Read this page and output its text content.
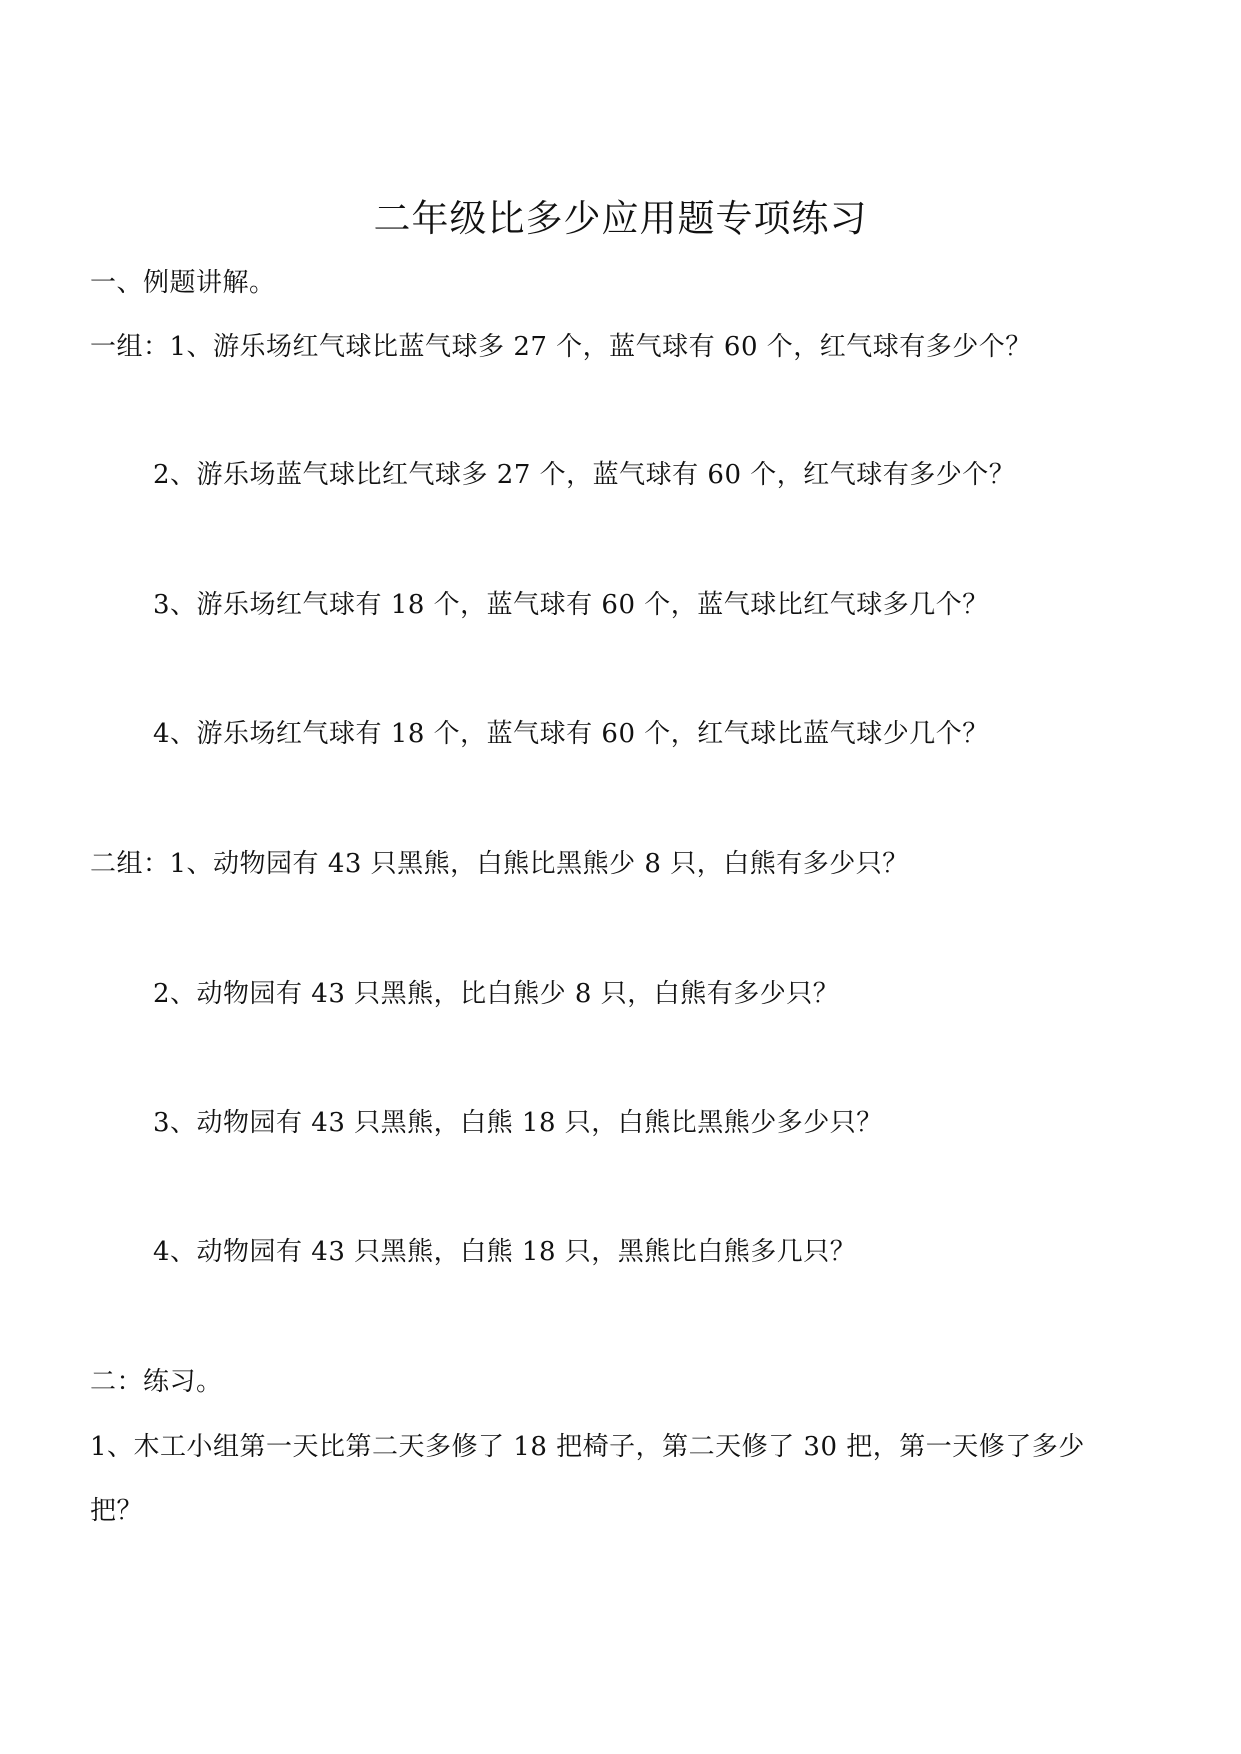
二年级比多少应用题专项练习
一、例题讲解。
一组：1、游乐场红气球比蓝气球多 27 个，蓝气球有 60 个，红气球有多少个？
2、游乐场蓝气球比红气球多 27 个，蓝气球有 60 个，红气球有多少个？
3、游乐场红气球有 18 个，蓝气球有 60 个，蓝气球比红气球多几个？
4、游乐场红气球有 18 个，蓝气球有 60 个，红气球比蓝气球少几个？
二组：1、动物园有 43 只黑熊，白熊比黑熊少 8 只，白熊有多少只？
2、动物园有 43 只黑熊，比白熊少 8 只，白熊有多少只？
3、动物园有 43 只黑熊，白熊 18 只，白熊比黑熊少多少只？
4、动物园有 43 只黑熊，白熊 18 只，黑熊比白熊多几只？
二：练习。
1、木工小组第一天比第二天多修了 18 把椅子，第二天修了 30 把，第一天修了多少
把？
